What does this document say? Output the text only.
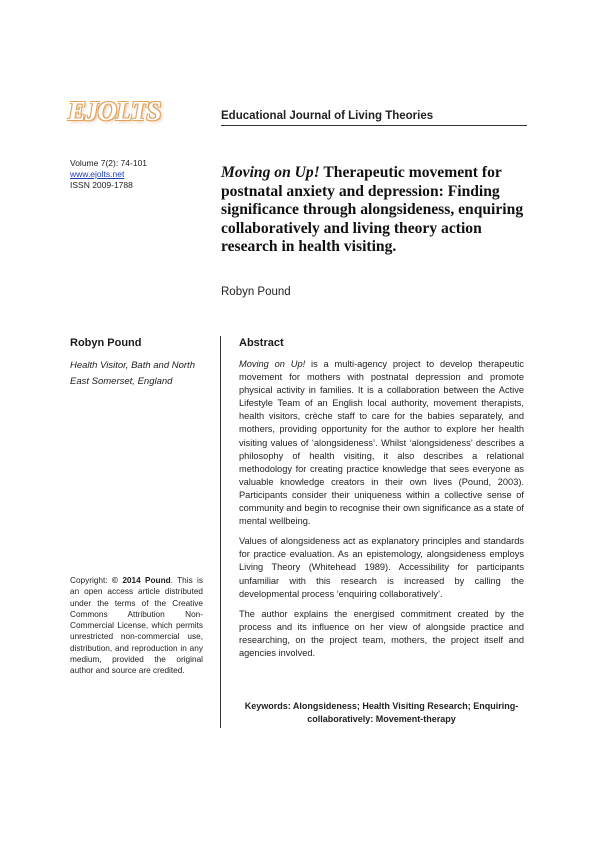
EJOLTS	Educational Journal of Living Theories
Volume 7(2): 74-101
www.ejolts.net
ISSN 2009-1788
Moving on Up! Therapeutic movement for postnatal anxiety and depression: Finding significance through alongsideness, enquiring collaboratively and living theory action research in health visiting.
Robyn Pound
Robyn Pound
Health Visitor, Bath and North East Somerset, England
Abstract

Moving on Up! is a multi-agency project to develop therapeutic movement for mothers with postnatal depression and promote physical activity in families. It is a collaboration between the Active Lifestyle Team of an English local authority, movement therapists, health visitors, crèche staff to care for the babies separately, and mothers, providing opportunity for the author to explore her health visiting values of ‘alongsideness’. Whilst ‘alongsideness’ describes a philosophy of health visiting, it also describes a relational methodology for creating practice knowledge that sees everyone as valuable knowledge creators in their own lives (Pound, 2003). Participants consider their uniqueness within a collective sense of community and begin to recognise their own significance as a state of mental wellbeing.

Values of alongsideness act as explanatory principles and standards for practice evaluation. As an epistemology, alongsideness employs Living Theory (Whitehead 1989). Accessibility for participants unfamiliar with this research is increased by calling the developmental process ‘enquiring collaboratively’.

The author explains the energised commitment created by the process and its influence on her view of alongside practice and researching, on the project team, mothers, the project itself and agencies involved.

Keywords: Alongsideness; Health Visiting Research; Enquiring-collaboratively: Movement-therapy
Copyright: © 2014 Pound. This is an open access article distributed under the terms of the Creative Commons Attribution Non-Commercial License, which permits unrestricted non-commercial use, distribution, and reproduction in any medium, provided the original author and source are credited.
